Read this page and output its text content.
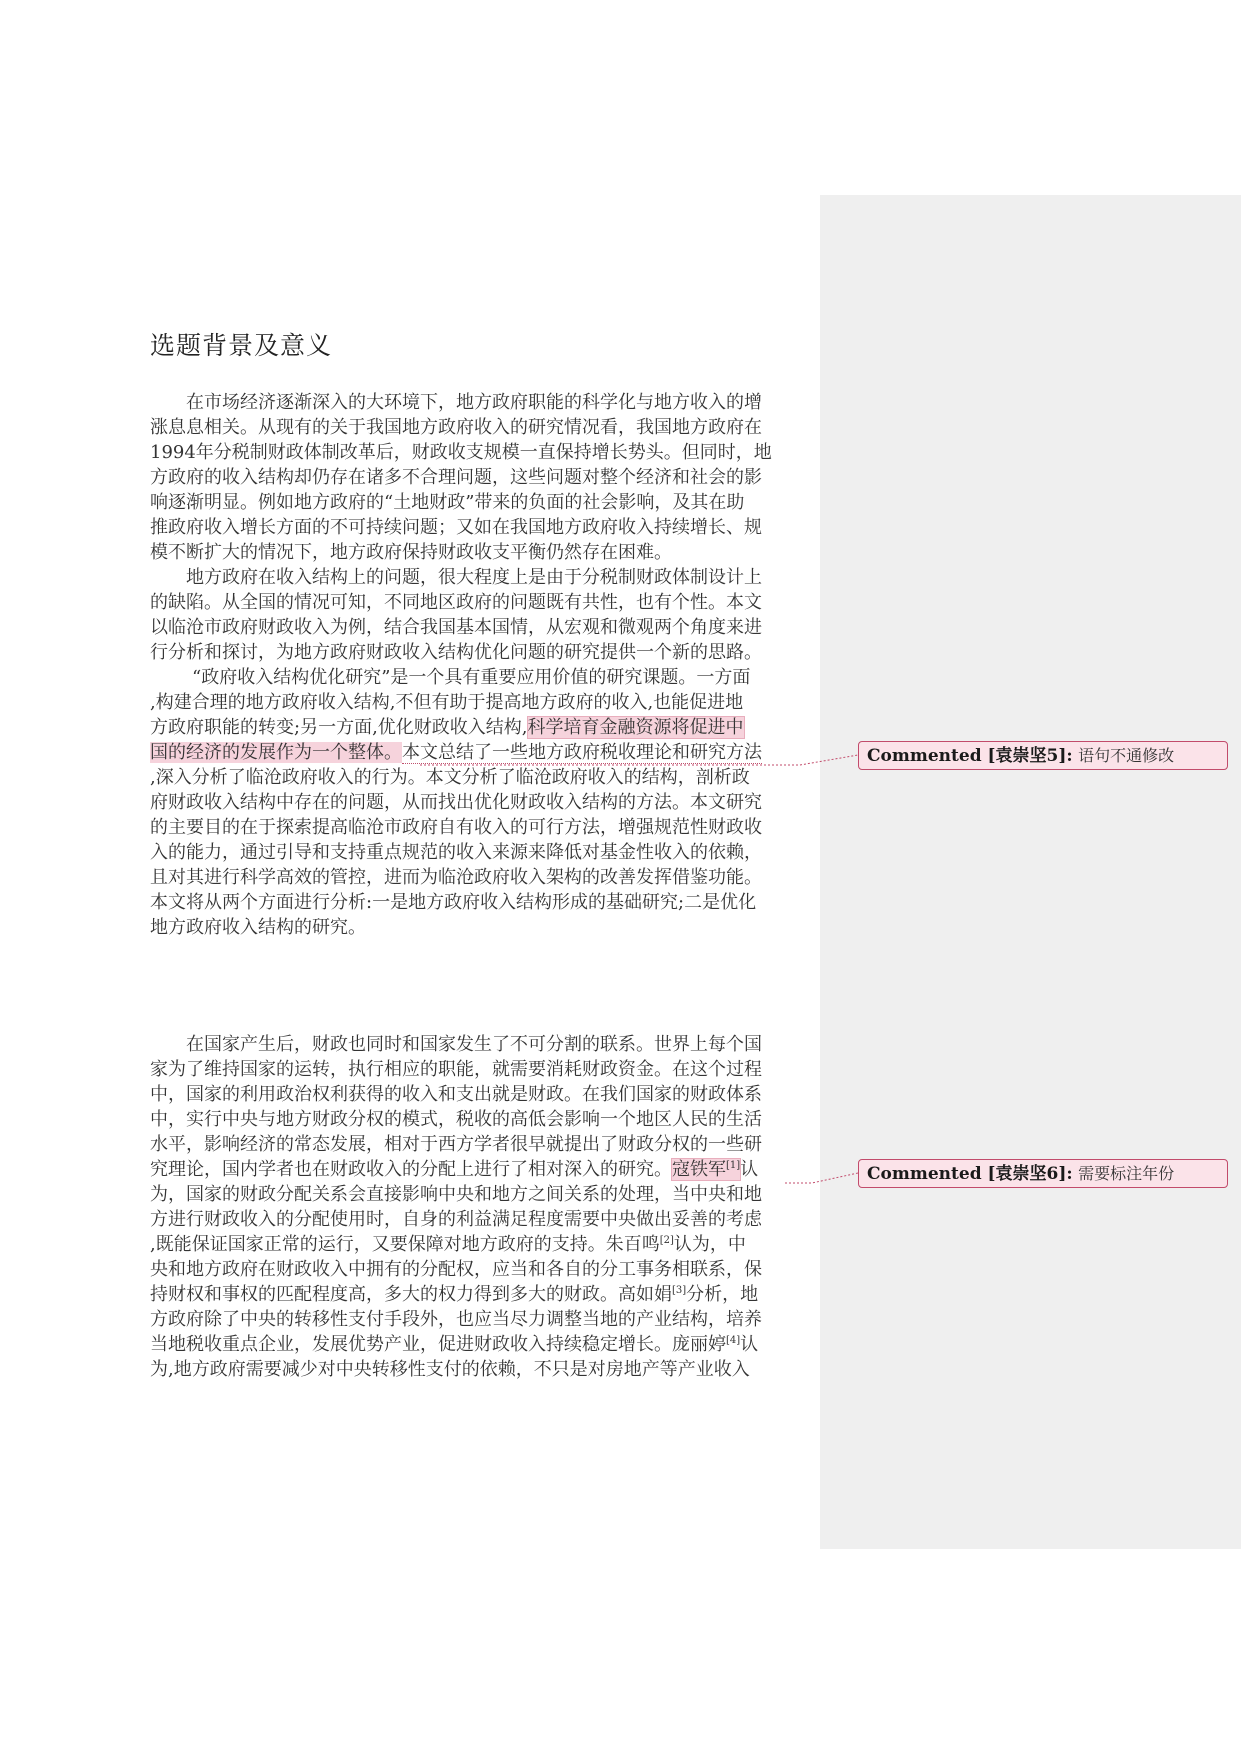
选题背景及意义

在市场经济逐渐深入的大环境下，地方政府职能的科学化与地方收入的增
涨息息相关。从现有的关于我国地方政府收入的研究情况看，我国地方政府在
1994年分税制财政体制改革后，财政收支规模一直保持增长势头。但同时，地
方政府的收入结构却仍存在诸多不合理问题，这些问题对整个经济和社会的影
响逐渐明显。例如地方政府的“土地财政”带来的负面的社会影响，及其在助
推政府收入增长方面的不可持续问题；又如在我国地方政府收入持续增长、规
模不断扩大的情况下，地方政府保持财政收支平衡仍然存在困难。

地方政府在收入结构上的问题，很大程度上是由于分税制财政体制设计上
的缺陷。从全国的情况可知，不同地区政府的问题既有共性，也有个性。本文
以临沧市政府财政收入为例，结合我国基本国情，从宏观和微观两个角度来进
行分析和探讨，为地方政府财政收入结构优化问题的研究提供一个新的思路。

“政府收入结构优化研究”是一个具有重要应用价值的研究课题。一方面
,构建合理的地方政府收入结构,不但有助于提高地方政府的收入,也能促进地
方政府职能的转变;另一方面,优化财政收入结构,科学培育金融资源将促进中
国的经济的发展作为一个整体。本文总结了一些地方政府税收理论和研究方法
,深入分析了临沧政府收入的行为。本文分析了临沧政府收入的结构，剖析政
府财政收入结构中存在的问题，从而找出优化财政收入结构的方法。本文研究
的主要目的在于探索提高临沧市政府自有收入的可行方法，增强规范性财政收
入的能力，通过引导和支持重点规范的收入来源来降低对基金性收入的依赖，
且对其进行科学高效的管控，进而为临沧政府收入架构的改善发挥借鉴功能。
本文将从两个方面进行分析:一是地方政府收入结构形成的基础研究;二是优化
地方政府收入结构的研究。

在国家产生后，财政也同时和国家发生了不可分割的联系。世界上每个国
家为了维持国家的运转，执行相应的职能，就需要消耗财政资金。在这个过程
中，国家的利用政治权利获得的收入和支出就是财政。在我们国家的财政体系
中，实行中央与地方财政分权的模式，税收的高低会影响一个地区人民的生活
水平，影响经济的常态发展，相对于西方学者很早就提出了财政分权的一些研
究理论，国内学者也在财政收入的分配上进行了相对深入的研究。寇铁军[1]认
为，国家的财政分配关系会直接影响中央和地方之间关系的处理，当中央和地
方进行财政收入的分配使用时，自身的利益满足程度需要中央做出妥善的考虑
,既能保证国家正常的运行，又要保障对地方政府的支持。朱百鸣[2]认为，中
央和地方政府在财政收入中拥有的分配权，应当和各自的分工事务相联系，保
持财权和事权的匹配程度高，多大的权力得到多大的财政。高如娟[3]分析，地
方政府除了中央的转移性支付手段外，也应当尽力调整当地的产业结构，培养
当地税收重点企业，发展优势产业，促进财政收入持续稳定增长。庞丽婷[4]认
为,地方政府需要减少对中央转移性支付的依赖，不只是对房地产等产业收入

Commented [袁崇坚5]: 语句不通修改
Commented [袁崇坚6]: 需要标注年份
